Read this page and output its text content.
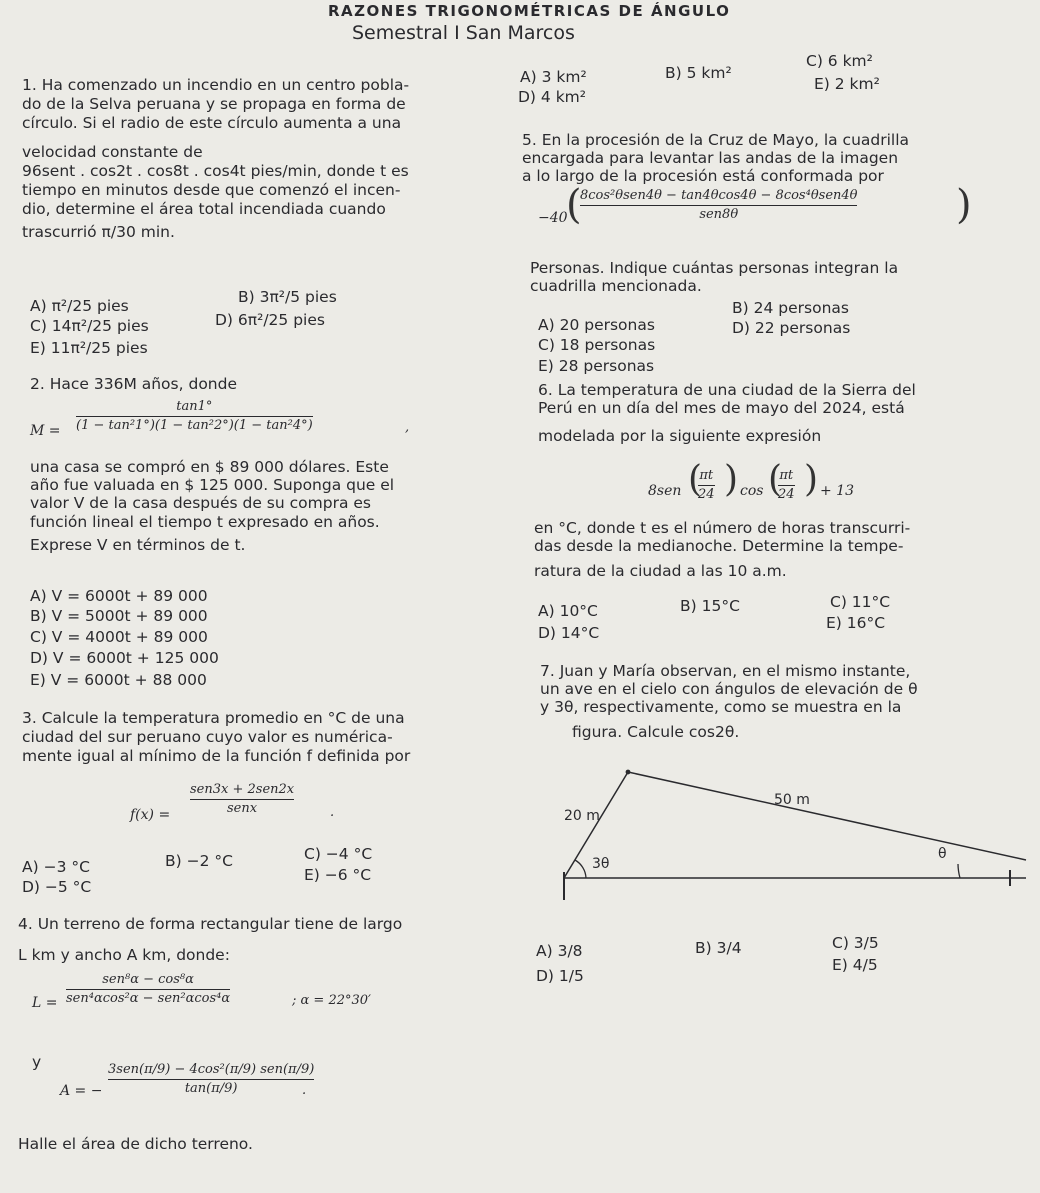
RAZONES TRIGONOMÉTRICAS DE ÁNGULO
Semestral I San Marcos
1. Ha comenzado un incendio en un centro pobla-
do de la Selva peruana y se propaga en forma de
círculo. Si el radio de este círculo aumenta a una
velocidad constante de
96sent . cos2t . cos8t . cos4t pies/min, donde t es
tiempo en minutos desde que comenzó el incen-
dio, determine el área total incendiada cuando
trascurrió π/30 min.
A) π²/25 pies	B) 3π²/5 pies
C) 14π²/25 pies	D) 6π²/25 pies
E) 11π²/25 pies
2. Hace 336M años, donde
M =
tan1°
(1 − tan²1°)(1 − tan²2°)(1 − tan²4°)	,
una casa se compró en $ 89 000 dólares. Este
año fue valuada en $ 125 000. Suponga que el
valor V de la casa después de su compra es
función lineal el tiempo t expresado en años.
Exprese V en términos de t.
A) V = 6000t + 89 000
B) V = 5000t + 89 000
C) V = 4000t + 89 000
D) V = 6000t + 125 000
E) V = 6000t + 88 000
3. Calcule la temperatura promedio en °C de una
ciudad del sur peruano cuyo valor es numérica-
mente igual al mínimo de la función f definida por
f(x) =
sen3x + 2sen2x
senx	.
A) −3 °C	B) −2 °C	C) −4 °C
D) −5 °C
E) −6 °C
4. Un terreno de forma rectangular tiene de largo
L km y ancho A km, donde:
L =
sen⁸α − cos⁸α
sen⁴αcos²α − sen²αcos⁴α	; α = 22°30′
y
A = −
3sen(π/9) − 4cos²(π/9) sen(π/9)
tan(π/9)	.
Halle el área de dicho terreno.
A) 3 km²	B) 5 km²
C) 6 km²
D) 4 km²
E) 2 km²
5. En la procesión de la Cruz de Mayo, la cuadrilla
encargada para levantar las andas de la imagen
a lo largo de la procesión está conformada por
−40
(
8cos²θsen4θ − tan4θcos4θ − 8cos⁴θsen4θ
sen8θ	)
Personas. Indique cuántas personas integran la
cuadrilla mencionada.
A) 20 personas
B) 24 personas
C) 18 personas
D) 22 personas
E) 28 personas
6. La temperatura de una ciudad de la Sierra del
Perú en un día del mes de mayo del 2024, está
modelada por la siguiente expresión
8sen (
πt
24 ) cos (
πt
24 ) + 13
en °C, donde t es el número de horas transcurri-
das desde la medianoche. Determine la tempe-
ratura de la ciudad a las 10 a.m.
A) 10°C	B) 15°C	C) 11°C
D) 14°C
E) 16°C
7. Juan y María observan, en el mismo instante,
un ave en el cielo con ángulos de elevación de θ
y 3θ, respectivamente, como se muestra en la
figura. Calcule cos2θ.
20 m
50 m
3θ
θ
A) 3/8	B) 3/4	C) 3/5
D) 1/5
E) 4/5
